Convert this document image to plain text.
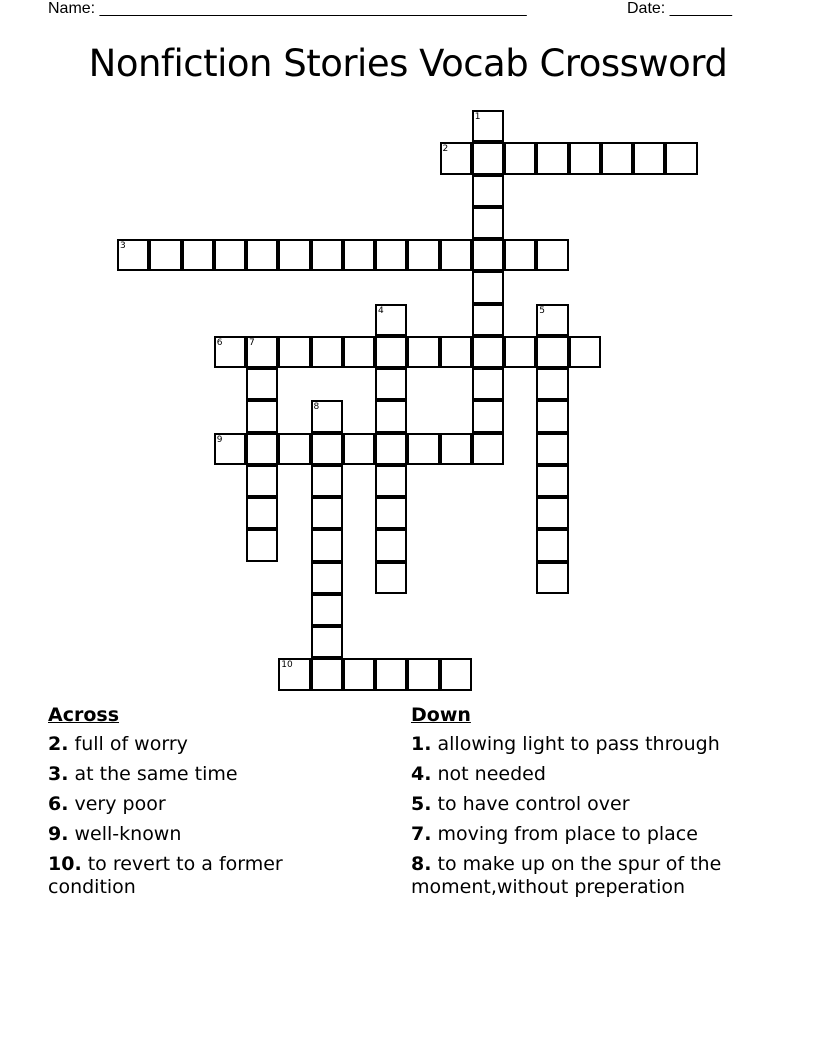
Name: ________________________________________________	Date: _______
Nonfiction Stories Vocab Crossword
1
2
3
4	5
6	7
8
9
10
Across
2. full of worry
3. at the same time
6. very poor
9. well-known
10. to revert to a former condition
Down
1. allowing light to pass through
4. not needed
5. to have control over
7. moving from place to place
8. to make up on the spur of the moment,without preperation
